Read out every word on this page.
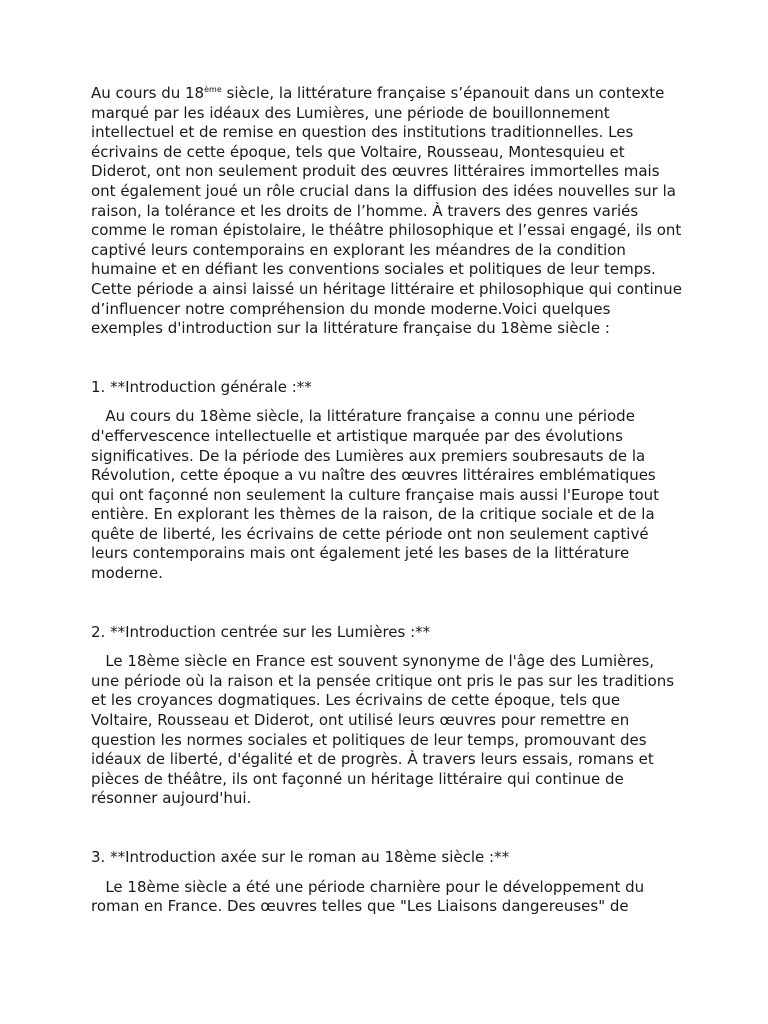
Au cours du 18ème siècle, la littérature française s’épanouit dans un contexte marqué par les idéaux des Lumières, une période de bouillonnement intellectuel et de remise en question des institutions traditionnelles. Les écrivains de cette époque, tels que Voltaire, Rousseau, Montesquieu et Diderot, ont non seulement produit des œuvres littéraires immortelles mais ont également joué un rôle crucial dans la diffusion des idées nouvelles sur la raison, la tolérance et les droits de l’homme. À travers des genres variés comme le roman épistolaire, le théâtre philosophique et l’essai engagé, ils ont captivé leurs contemporains en explorant les méandres de la condition humaine et en défiant les conventions sociales et politiques de leur temps. Cette période a ainsi laissé un héritage littéraire et philosophique qui continue d’influencer notre compréhension du monde moderne.Voici quelques exemples d'introduction sur la littérature française du 18ème siècle :

1. **Introduction générale :**

Au cours du 18ème siècle, la littérature française a connu une période d'effervescence intellectuelle et artistique marquée par des évolutions significatives. De la période des Lumières aux premiers soubresauts de la Révolution, cette époque a vu naître des œuvres littéraires emblématiques qui ont façonné non seulement la culture française mais aussi l'Europe tout entière. En explorant les thèmes de la raison, de la critique sociale et de la quête de liberté, les écrivains de cette période ont non seulement captivé leurs contemporains mais ont également jeté les bases de la littérature moderne.

2. **Introduction centrée sur les Lumières :**

Le 18ème siècle en France est souvent synonyme de l'âge des Lumières, une période où la raison et la pensée critique ont pris le pas sur les traditions et les croyances dogmatiques. Les écrivains de cette époque, tels que Voltaire, Rousseau et Diderot, ont utilisé leurs œuvres pour remettre en question les normes sociales et politiques de leur temps, promouvant des idéaux de liberté, d'égalité et de progrès. À travers leurs essais, romans et pièces de théâtre, ils ont façonné un héritage littéraire qui continue de résonner aujourd'hui.

3. **Introduction axée sur le roman au 18ème siècle :**

Le 18ème siècle a été une période charnière pour le développement du roman en France. Des œuvres telles que "Les Liaisons dangereuses" de
